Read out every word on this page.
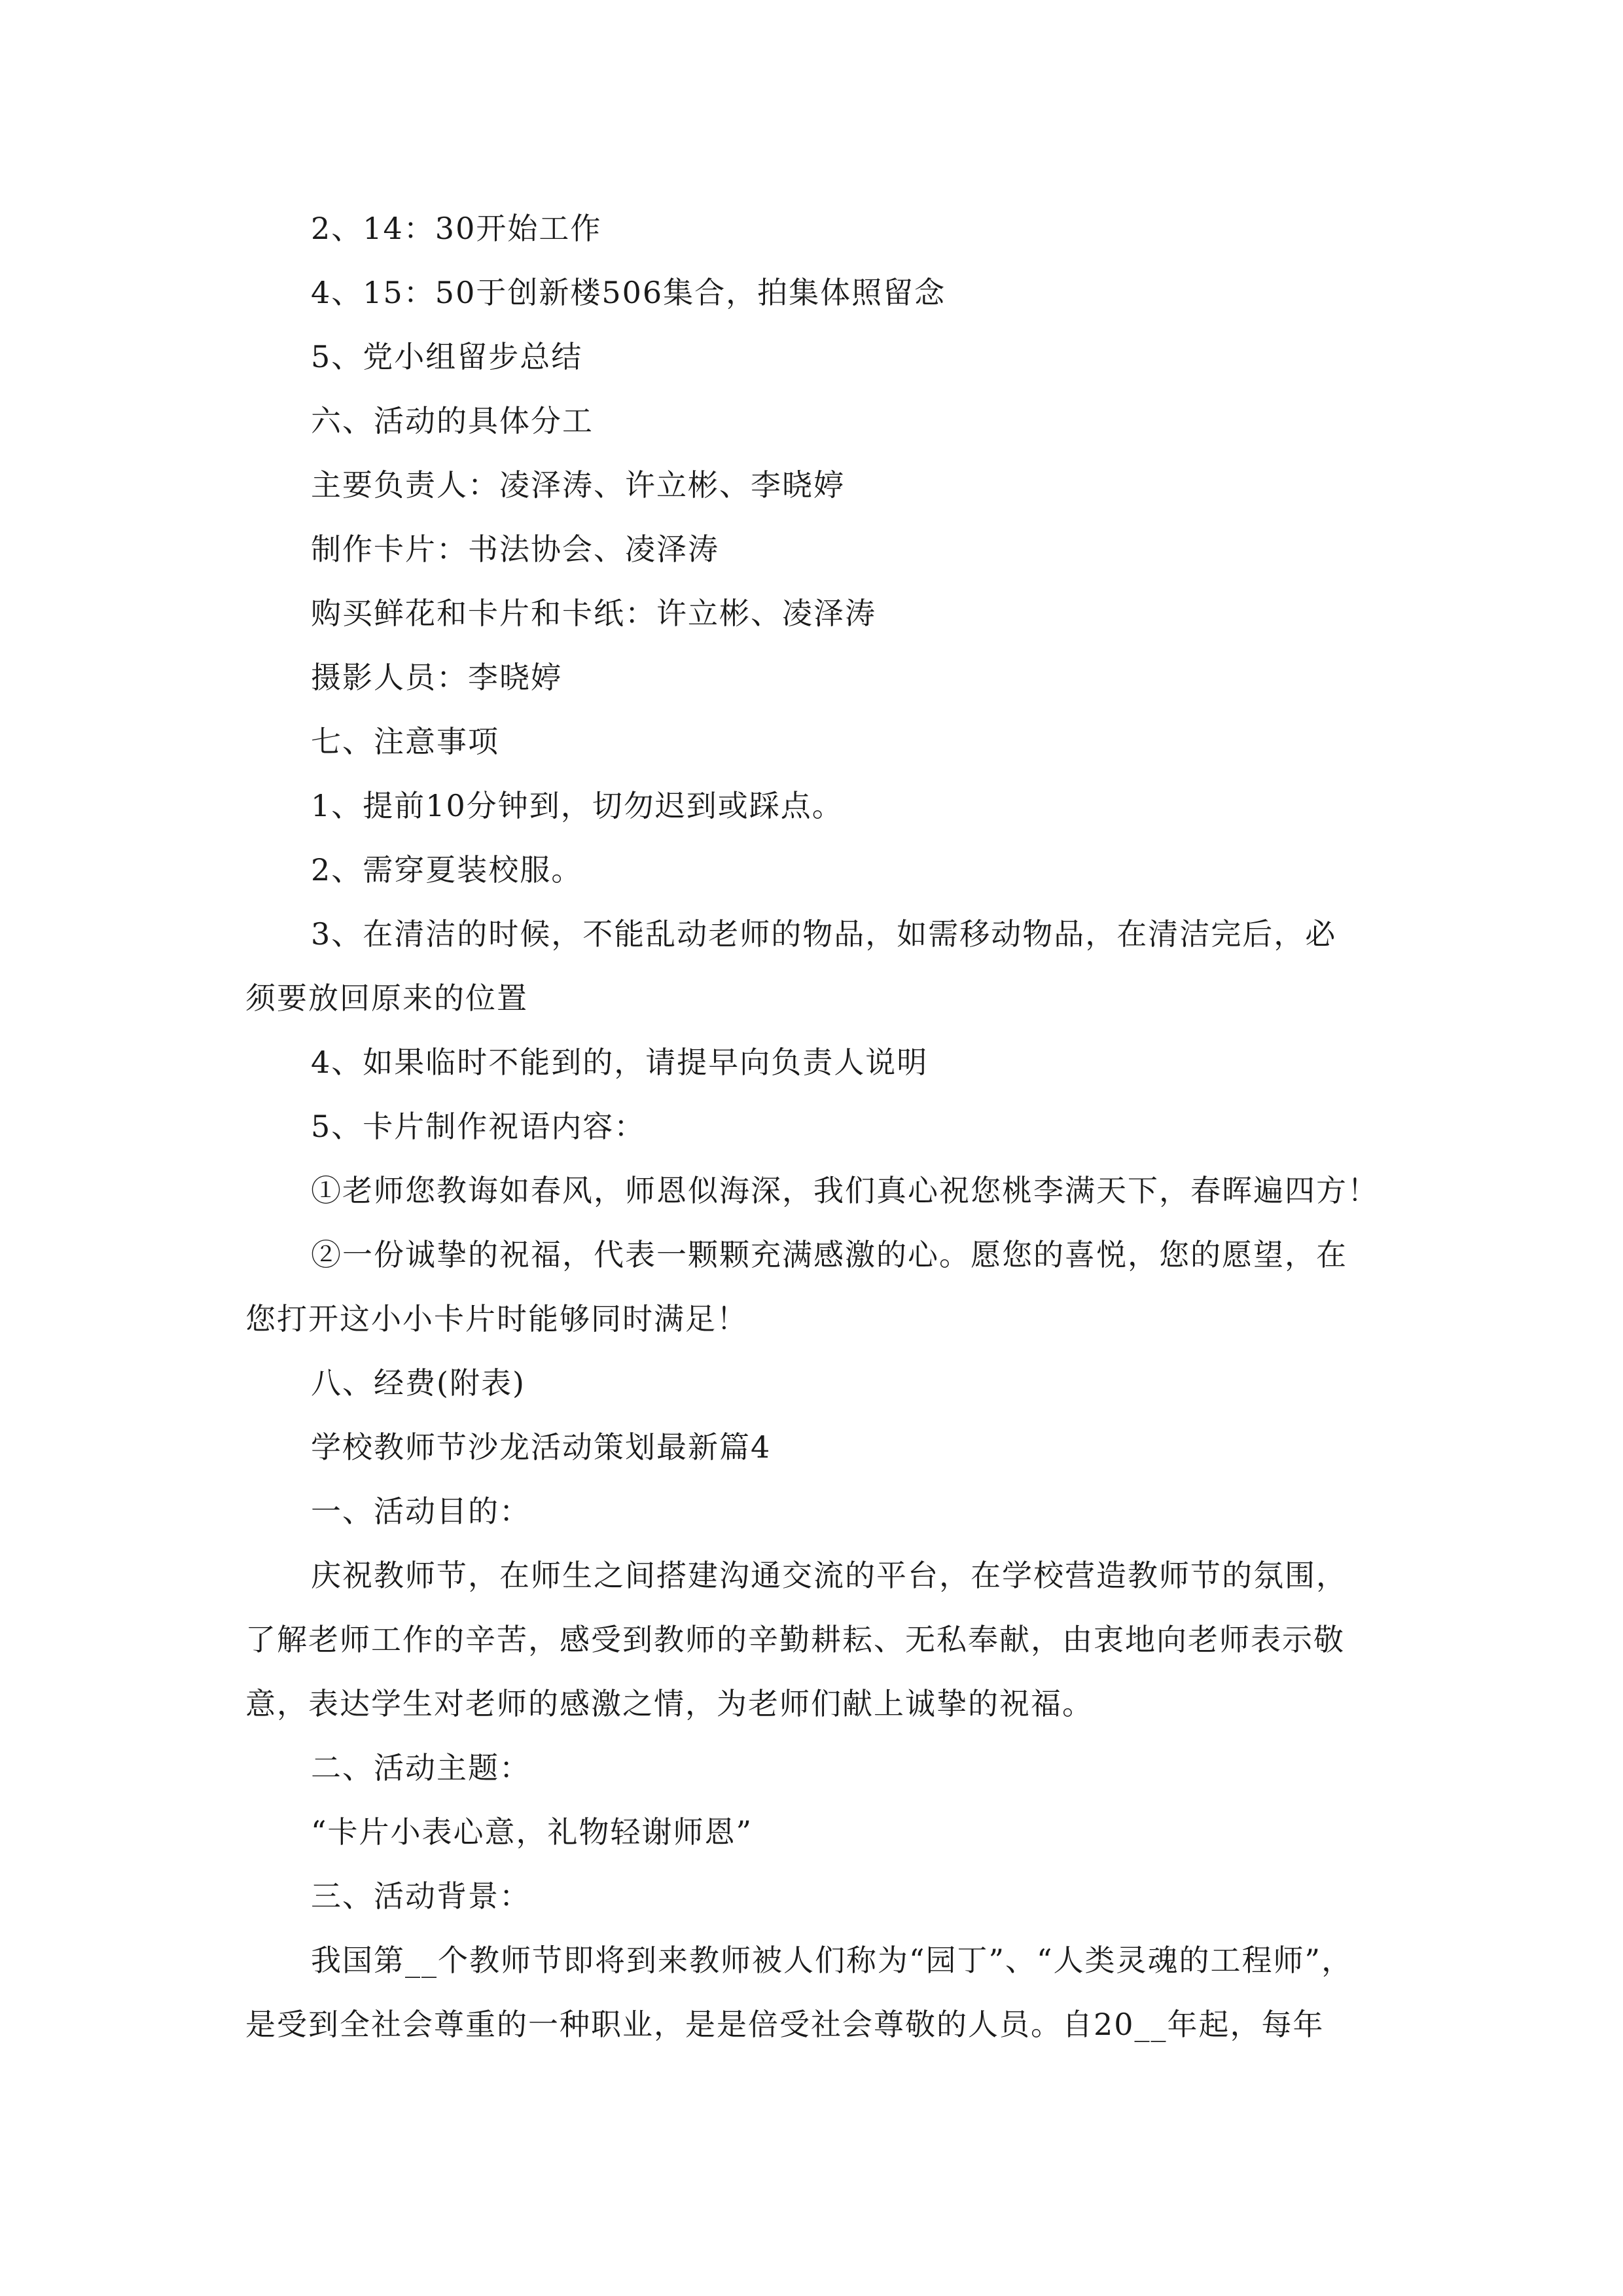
2、14：30开始工作
4、15：50于创新楼506集合，拍集体照留念
5、党小组留步总结
六、活动的具体分工
主要负责人：凌泽涛、许立彬、李晓婷
制作卡片：书法协会、凌泽涛
购买鲜花和卡片和卡纸：许立彬、凌泽涛
摄影人员：李晓婷
七、注意事项
1、提前10分钟到，切勿迟到或踩点。
2、需穿夏装校服。
3、在清洁的时候，不能乱动老师的物品，如需移动物品，在清洁完后，必
须要放回原来的位置
4、如果临时不能到的，请提早向负责人说明
5、卡片制作祝语内容：
①老师您教诲如春风，师恩似海深，我们真心祝您桃李满天下，春晖遍四方！
②一份诚挚的祝福，代表一颗颗充满感激的心。愿您的喜悦，您的愿望，在
您打开这小小卡片时能够同时满足！
八、经费(附表)
学校教师节沙龙活动策划最新篇4
一、活动目的：
庆祝教师节，在师生之间搭建沟通交流的平台，在学校营造教师节的氛围，
了解老师工作的辛苦，感受到教师的辛勤耕耘、无私奉献，由衷地向老师表示敬
意，表达学生对老师的感激之情，为老师们献上诚挚的祝福。
二、活动主题：
“卡片小表心意，礼物轻谢师恩”
三、活动背景：
我国第__个教师节即将到来教师被人们称为“园丁”、“人类灵魂的工程师”，
是受到全社会尊重的一种职业，是是倍受社会尊敬的人员。自20__年起，每年
